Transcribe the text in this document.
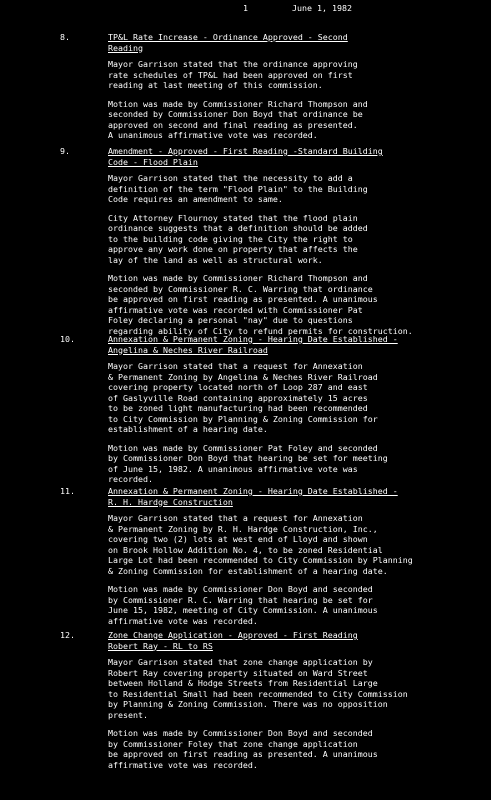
1	June 1, 1982
8.	TP&L Rate Increase - Ordinance Approved - Second
Reading
Mayor Garrison stated that the ordinance approving
rate schedules of TP&L had been approved on first
reading at last meeting of this commission.
Motion was made by Commissioner Richard Thompson and
seconded by Commissioner Don Boyd that ordinance be
approved on second and final reading as presented.
A unanimous affirmative vote was recorded.
9.	Amendment - Approved - First Reading -Standard Building
Code - Flood Plain
Mayor Garrison stated that the necessity to add a
definition of the term "Flood Plain" to the Building
Code requires an amendment to same.
City Attorney Flournoy stated that the flood plain
ordinance suggests that a definition should be added
to the building code giving the City the right to
approve any work done on property that affects the
lay of the land as well as structural work.
Motion was made by Commissioner Richard Thompson and
seconded by Commissioner R. C. Warring that ordinance
be approved on first reading as presented. A unanimous
affirmative vote was recorded with Commissioner Pat
Foley declaring a personal "nay" due to questions
regarding ability of City to refund permits for construction.
10.	Annexation & Permanent Zoning - Hearing Date Established -
Angelina & Neches River Railroad
Mayor Garrison stated that a request for Annexation
& Permanent Zoning by Angelina & Neches River Railroad
covering property located north of Loop 287 and east
of Gaslyville Road containing approximately 15 acres
to be zoned light manufacturing had been recommended
to City Commission by Planning & Zoning Commission for
establishment of a hearing date.
Motion was made by Commissioner Pat Foley and seconded
by Commissioner Don Boyd that hearing be set for meeting
of June 15, 1982. A unanimous affirmative vote was
recorded.
11.	Annexation & Permanent Zoning - Hearing Date Established -
R. H. Hardge Construction
Mayor Garrison stated that a request for Annexation
& Permanent Zoning by R. H. Hardge Construction, Inc.,
covering two (2) lots at west end of Lloyd and shown
on Brook Hollow Addition No. 4, to be zoned Residential
Large Lot had been recommended to City Commission by Planning
& Zoning Commission for establishment of a hearing date.
Motion was made by Commissioner Don Boyd and seconded
by Commissioner R. C. Warring that hearing be set for
June 15, 1982, meeting of City Commission. A unanimous
affirmative vote was recorded.
12.	Zone Change Application - Approved - First Reading
Robert Ray - RL to RS
Mayor Garrison stated that zone change application by
Robert Ray covering property situated on Ward Street
between Holland & Hodge Streets from Residential Large
to Residential Small had been recommended to City Commission
by Planning & Zoning Commission. There was no opposition
present.
Motion was made by Commissioner Don Boyd and seconded
by Commissioner Foley that zone change application
be approved on first reading as presented. A unanimous
affirmative vote was recorded.
